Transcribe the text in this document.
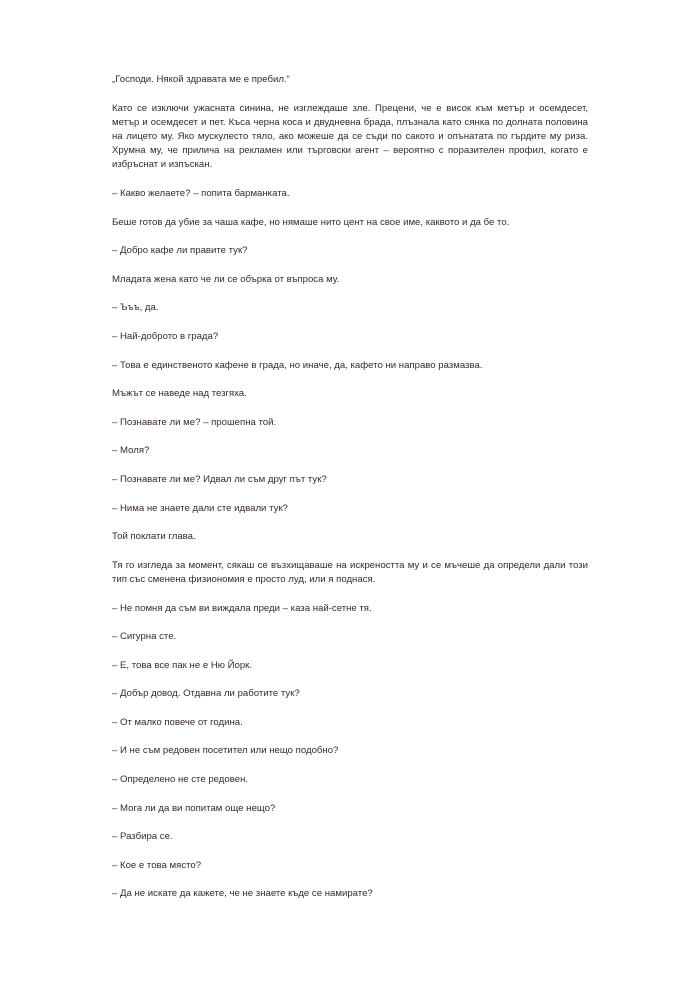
„Господи. Някой здравата ме е пребил.“

Като се изключи ужасната синина, не изглеждаше зле. Прецени, че е висок към метър и осемдесет, метър и осемдесет и пет. Къса черна коса и двудневна брада, плъзнала като сянка по долната половина на лицето му. Яко мускулесто тяло, ако можеше да се съди по сакото и опънатата по гърдите му риза. Хрумна му, че прилича на рекламен или търговски агент – вероятно с поразителен профил, когато е избръснат и изпъскан.

– Какво желаете? – попита барманката.

Беше готов да убие за чаша кафе, но нямаше нито цент на свое име, каквото и да бе то.

– Добро кафе ли правите тук?

Младата жена като че ли се обърка от въпроса му.

– Ъъъ, да.

– Най-доброто в града?

– Това е единственото кафене в града, но иначе, да, кафето ни направо размазва.

Мъжът се наведе над тезгяха.

– Познавате ли ме? – прошепна той.

– Моля?

– Познавате ли ме? Идвал ли съм друг път тук?

– Нима не знаете дали сте идвали тук?

Той поклати глава.

Тя го изгледа за момент, сякаш се възхищаваше на искреността му и се мъчеше да определи дали този тип със сменена физиономия е просто луд, или я поднася.

– Не помня да съм ви виждала преди – каза най-сетне тя.

– Сигурна сте.

– Е, това все пак не е Ню Йорк.

– Добър довод. Отдавна ли работите тук?

– От малко повече от година.

– И не съм редовен посетител или нещо подобно?

– Определено не сте редовен.

– Мога ли да ви попитам още нещо?

– Разбира се.

– Кое е това място?

– Да не искате да кажете, че не знаете къде се намирате?
